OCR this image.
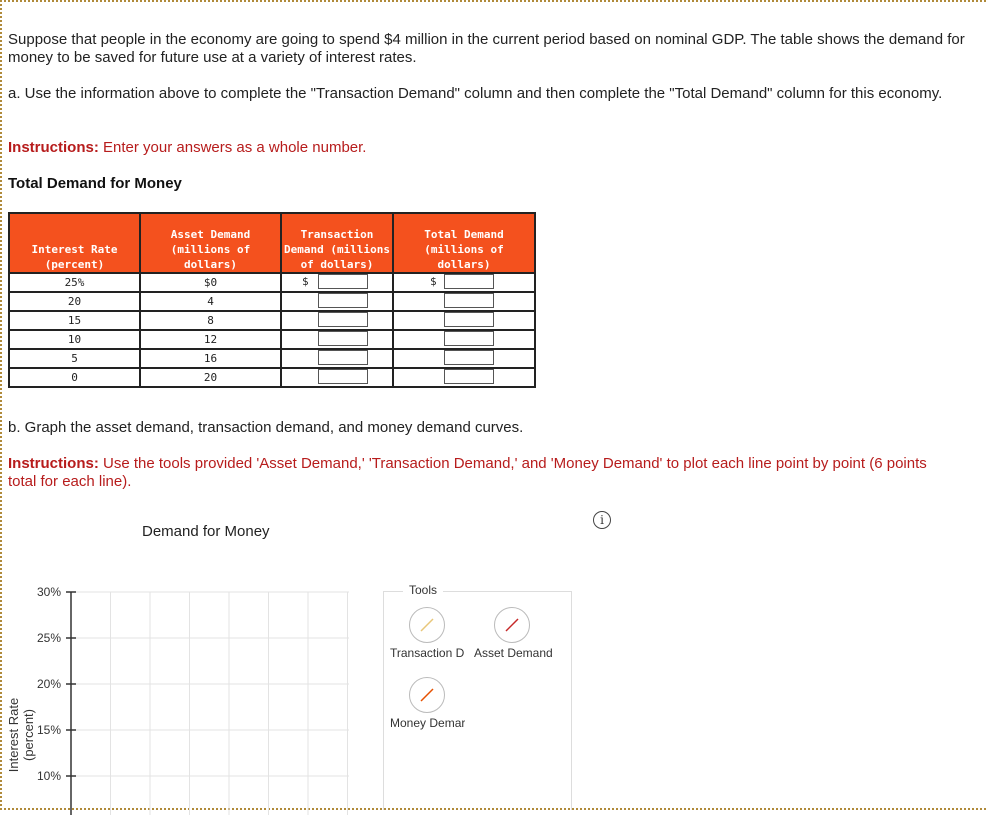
Suppose that people in the economy are going to spend $4 million in the current period based on nominal GDP. The table shows the demand for money to be saved for future use at a variety of interest rates.
a. Use the information above to complete the "Transaction Demand" column and then complete the "Total Demand" column for this economy.
Instructions: Enter your answers as a whole number.
Total Demand for Money
Interest Rate (percent)	Asset Demand (millions of dollars)	Transaction Demand (millions of dollars)	Total Demand (millions of dollars)
25%	$0	$	$

20	4	

15	8	

10	12	

5	16	

0	20	

b. Graph the asset demand, transaction demand, and money demand curves.
Instructions: Use the tools provided 'Asset Demand,' 'Transaction Demand,' and 'Money Demand' to plot each line point by point (6 points total for each line).
Demand for Money
i
Interest Rate (percent)
30%
25%
20%
15%
10%
Tools
Transaction D Asset Demand
Money Demar
